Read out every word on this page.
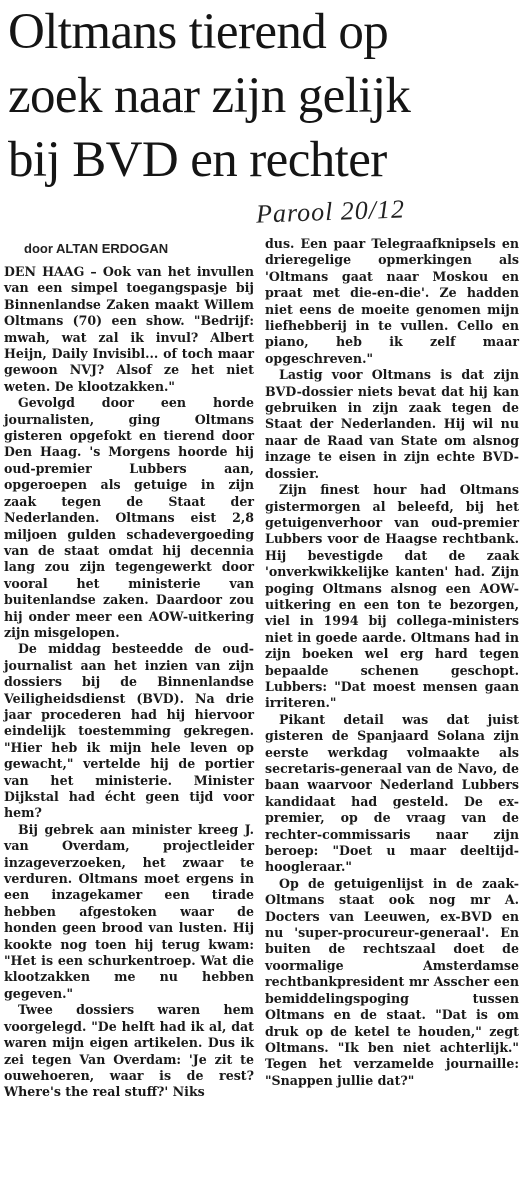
Oltmans tierend op
zoek naar zijn gelijk
bij BVD en rechter
Parool 20/12
door ALTAN ERDOGAN

DEN HAAG – Ook van het invullen van een simpel toegangspasje bij Binnenlandse Zaken maakt Willem Oltmans (70) een show. "Bedrijf: mwah, wat zal ik invul? Albert Heijn, Daily Invisibl... of toch maar gewoon NVJ? Alsof ze het niet weten. De klootzakken."

Gevolgd door een horde journalisten, ging Oltmans gisteren opgefokt en tierend door Den Haag. 's Morgens hoorde hij oud-premier Lubbers aan, opgeroepen als getuige in zijn zaak tegen de Staat der Nederlanden. Oltmans eist 2,8 miljoen gulden schadevergoeding van de staat omdat hij decennia lang zou zijn tegengewerkt door vooral het ministerie van buitenlandse zaken. Daardoor zou hij onder meer een AOW-uitkering zijn misgelopen.

De middag besteedde de oud-journalist aan het inzien van zijn dossiers bij de Binnenlandse Veiligheidsdienst (BVD). Na drie jaar procederen had hij hiervoor eindelijk toestemming gekregen. "Hier heb ik mijn hele leven op gewacht," vertelde hij de portier van het ministerie. Minister Dijkstal had écht geen tijd voor hem?

Bij gebrek aan minister kreeg J. van Overdam, projectleider inzageverzoeken, het zwaar te verduren. Oltmans moet ergens in een inzagekamer een tirade hebben afgestoken waar de honden geen brood van lusten. Hij kookte nog toen hij terug kwam: "Het is een schurkentroep. Wat die klootzakken me nu hebben gegeven."

Twee dossiers waren hem voorgelegd. "De helft had ik al, dat waren mijn eigen artikelen. Dus ik zei tegen Van Overdam: 'Je zit te ouwehoeren, waar is de rest? Where's the real stuff?' Niks

dus. Een paar Telegraafknipsels en drieregelige opmerkingen als 'Oltmans gaat naar Moskou en praat met die-en-die'. Ze hadden niet eens de moeite genomen mijn liefhebberij in te vullen. Cello en piano, heb ik zelf maar opgeschreven."

Lastig voor Oltmans is dat zijn BVD-dossier niets bevat dat hij kan gebruiken in zijn zaak tegen de Staat der Nederlanden. Hij wil nu naar de Raad van State om alsnog inzage te eisen in zijn echte BVD-dossier.

Zijn finest hour had Oltmans gistermorgen al beleefd, bij het getuigenverhoor van oud-premier Lubbers voor de Haagse rechtbank. Hij bevestigde dat de zaak 'onverkwikkelijke kanten' had. Zijn poging Oltmans alsnog een AOW-uitkering en een ton te bezorgen, viel in 1994 bij collega-ministers niet in goede aarde. Oltmans had in zijn boeken wel erg hard tegen bepaalde schenen geschopt. Lubbers: "Dat moest mensen gaan irriteren."

Pikant detail was dat juist gisteren de Spanjaard Solana zijn eerste werkdag volmaakte als secretaris-generaal van de Navo, de baan waarvoor Nederland Lubbers kandidaat had gesteld. De ex-premier, op de vraag van de rechter-commissaris naar zijn beroep: "Doet u maar deeltijd-hoogleraar."

Op de getuigenlijst in de zaak-Oltmans staat ook nog mr A. Docters van Leeuwen, ex-BVD en nu 'super-procureur-generaal'. En buiten de rechtszaal doet de voormalige Amsterdamse rechtbankpresident mr Asscher een bemiddelingspoging tussen Oltmans en de staat. "Dat is om druk op de ketel te houden," zegt Oltmans. "Ik ben niet achterlijk." Tegen het verzamelde journaille: "Snappen jullie dat?"
